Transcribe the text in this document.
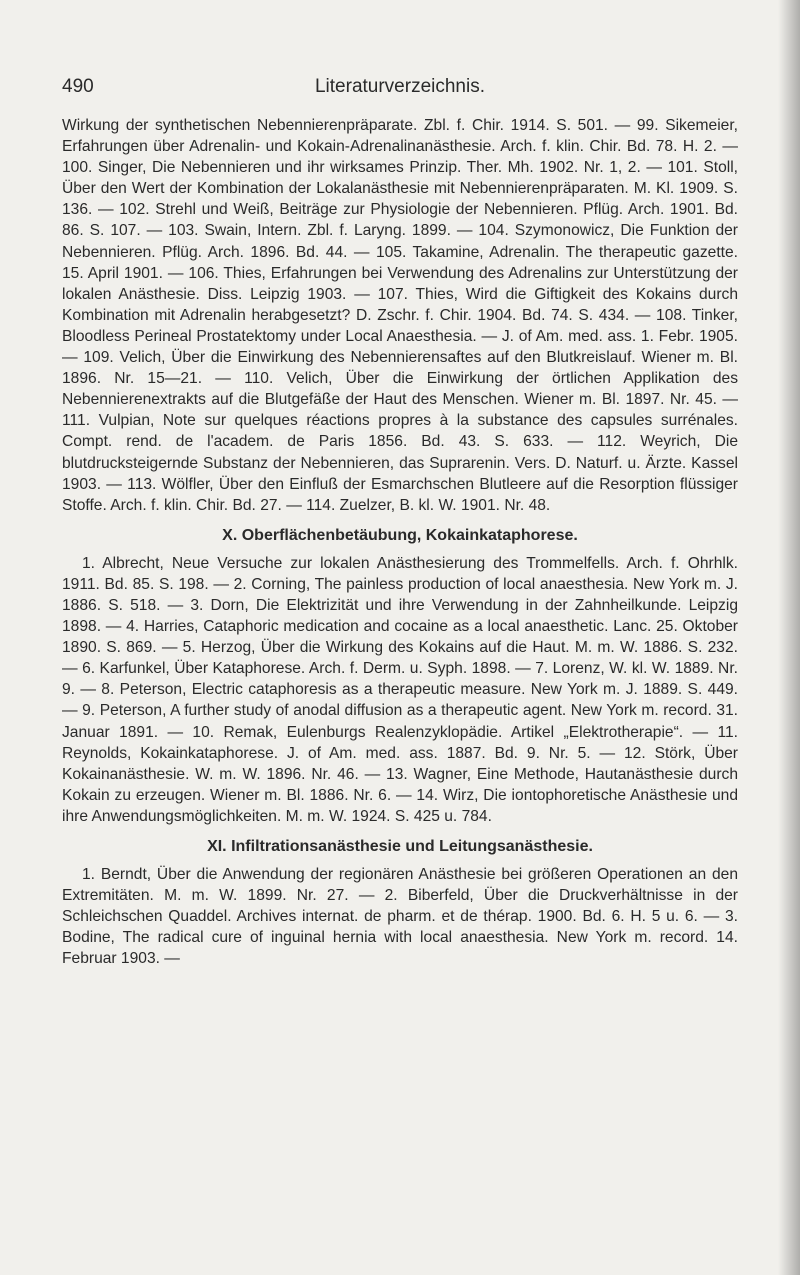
Literaturverzeichnis.
490

Wirkung der synthetischen Nebennierenpräparate. Zbl. f. Chir. 1914. S. 501. — 99. Sikemeier, Erfahrungen über Adrenalin- und Kokain-Adrenalinanästhesie. Arch. f. klin. Chir. Bd. 78. H. 2. — 100. Singer, Die Nebennieren und ihr wirksames Prinzip. Ther. Mh. 1902. Nr. 1, 2. — 101. Stoll, Über den Wert der Kombination der Lokalanästhesie mit Nebennierenpräparaten. M. Kl. 1909. S. 136. — 102. Strehl und Weiß, Beiträge zur Physiologie der Nebennieren. Pflüg. Arch. 1901. Bd. 86. S. 107. — 103. Swain, Intern. Zbl. f. Laryng. 1899. — 104. Szymonowicz, Die Funktion der Nebennieren. Pflüg. Arch. 1896. Bd. 44. — 105. Takamine, Adrenalin. The therapeutic gazette. 15. April 1901. — 106. Thies, Erfahrungen bei Verwendung des Adrenalins zur Unterstützung der lokalen Anästhesie. Diss. Leipzig 1903. — 107. Thies, Wird die Giftigkeit des Kokains durch Kombination mit Adrenalin herabgesetzt? D. Zschr. f. Chir. 1904. Bd. 74. S. 434. — 108. Tinker, Bloodless Perineal Prostatektomy under Local Anaesthesia. — J. of Am. med. ass. 1. Febr. 1905. — 109. Velich, Über die Einwirkung des Nebennierensaftes auf den Blutkreislauf. Wiener m. Bl. 1896. Nr. 15—21. — 110. Velich, Über die Einwirkung der örtlichen Applikation des Nebennierenextrakts auf die Blutgefäße der Haut des Menschen. Wiener m. Bl. 1897. Nr. 45. — 111. Vulpian, Note sur quelques réactions propres à la substance des capsules surrénales. Compt. rend. de l'academ. de Paris 1856. Bd. 43. S. 633. — 112. Weyrich, Die blutdrucksteigernde Substanz der Nebennieren, das Suprarenin. Vers. D. Naturf. u. Ärzte. Kassel 1903. — 113. Wölfler, Über den Einfluß der Esmarchschen Blutleere auf die Resorption flüssiger Stoffe. Arch. f. klin. Chir. Bd. 27. — 114. Zuelzer, B. kl. W. 1901. Nr. 48.

X. Oberflächenbetäubung, Kokainkataphorese.

1. Albrecht, Neue Versuche zur lokalen Anästhesierung des Trommelfells. Arch. f. Ohrhlk. 1911. Bd. 85. S. 198. — 2. Corning, The painless production of local anaesthesia. New York m. J. 1886. S. 518. — 3. Dorn, Die Elektrizität und ihre Verwendung in der Zahnheilkunde. Leipzig 1898. — 4. Harries, Cataphoric medication and cocaine as a local anaesthetic. Lanc. 25. Oktober 1890. S. 869. — 5. Herzog, Über die Wirkung des Kokains auf die Haut. M. m. W. 1886. S. 232. — 6. Karfunkel, Über Kataphorese. Arch. f. Derm. u. Syph. 1898. — 7. Lorenz, W. kl. W. 1889. Nr. 9. — 8. Peterson, Electric cataphoresis as a therapeutic measure. New York m. J. 1889. S. 449. — 9. Peterson, A further study of anodal diffusion as a therapeutic agent. New York m. record. 31. Januar 1891. — 10. Remak, Eulenburgs Realenzyklopädie. Artikel „Elektrotherapie“. — 11. Reynolds, Kokainkataphorese. J. of Am. med. ass. 1887. Bd. 9. Nr. 5. — 12. Störk, Über Kokainanästhesie. W. m. W. 1896. Nr. 46. — 13. Wagner, Eine Methode, Hautanästhesie durch Kokain zu erzeugen. Wiener m. Bl. 1886. Nr. 6. — 14. Wirz, Die iontophoretische Anästhesie und ihre Anwendungsmöglichkeiten. M. m. W. 1924. S. 425 u. 784.

XI. Infiltrationsanästhesie und Leitungsanästhesie.

1. Berndt, Über die Anwendung der regionären Anästhesie bei größeren Operationen an den Extremitäten. M. m. W. 1899. Nr. 27. — 2. Biberfeld, Über die Druckverhältnisse in der Schleichschen Quaddel. Archives internat. de pharm. et de thérap. 1900. Bd. 6. H. 5 u. 6. — 3. Bodine, The radical cure of inguinal hernia with local anaesthesia. New York m. record. 14. Februar 1903. —
